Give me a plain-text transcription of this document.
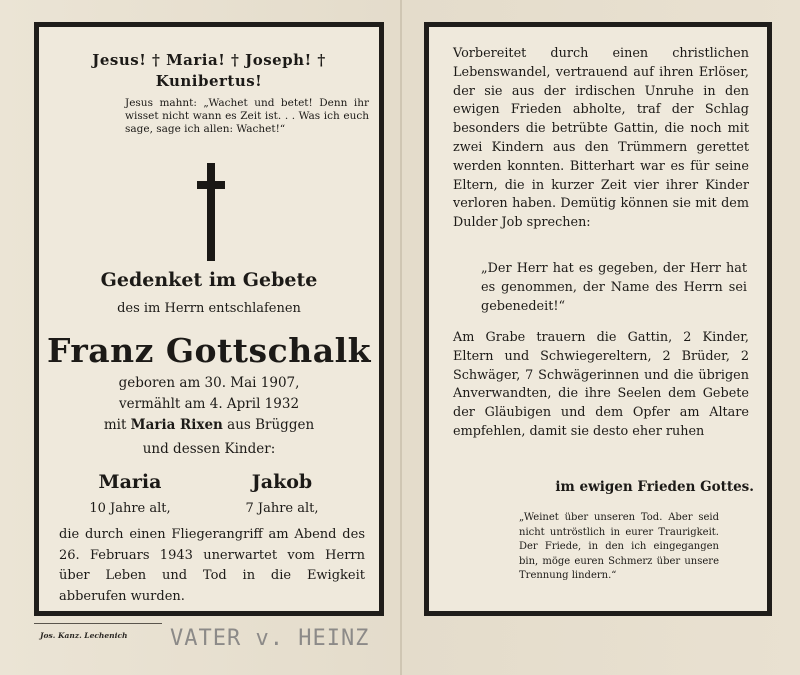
Jesus! † Maria! † Joseph! †
Kunibertus!
Jesus mahnt: „Wachet und betet! Denn ihr wisset nicht wann es Zeit ist. . . Was ich euch sage, sage ich allen: Wachet!“
Gedenket im Gebete
des im Herrn entschlafenen
Franz Gottschalk
geboren am 30. Mai 1907,
vermählt am 4. April 1932
mit Maria Rixen aus Brüggen
und dessen Kinder:
Maria
10 Jahre alt,
Jakob
7 Jahre alt,
die durch einen Fliegerangriff am Abend des 26. Februars 1943 unerwartet vom Herrn über Leben und Tod in die Ewigkeit abberufen wurden.
Vorbereitet durch einen christlichen Lebenswandel, vertrauend auf ihren Erlöser, der sie aus der irdischen Unruhe in den ewigen Frieden abholte, traf der Schlag besonders die betrübte Gattin, die noch mit zwei Kindern aus den Trümmern gerettet werden konnten. Bitterhart war es für seine Eltern, die in kurzer Zeit vier ihrer Kinder verloren haben. Demütig können sie mit dem Dulder Job sprechen:
„Der Herr hat es gegeben, der Herr hat es genommen, der Name des Herrn sei gebenedeit!“
Am Grabe trauern die Gattin, 2 Kinder, Eltern und Schwiegereltern, 2 Brüder, 2 Schwäger, 7 Schwägerinnen und die übrigen Anverwandten, die ihre Seelen dem Gebete der Gläubigen und dem Opfer am Altare empfehlen, damit sie desto eher ruhen
im ewigen Frieden Gottes.
„Weinet über unseren Tod. Aber seid nicht untröstlich in eurer Traurigkeit. Der Friede, in den ich eingegangen bin, möge euren Schmerz über unsere Trennung lindern.“
Jos. Kanz. Lechenich VATER v. HEINZ
